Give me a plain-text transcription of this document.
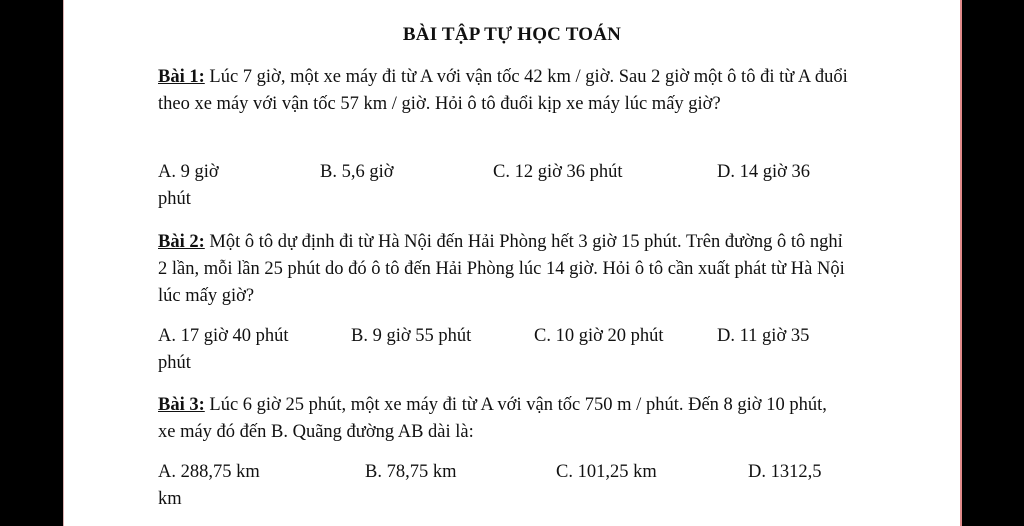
BÀI TẬP TỰ HỌC TOÁN
Bài 1: Lúc 7 giờ, một xe máy đi từ A với vận tốc 42 km / giờ. Sau 2 giờ một ô tô đi từ A đuổi theo xe máy với vận tốc 57 km / giờ. Hỏi ô tô đuổi kịp xe máy lúc mấy giờ?
A. 9 giờ	B. 5,6 giờ	C. 12 giờ 36 phút	D. 14 giờ 36
phút
Bài 2: Một ô tô dự định đi từ Hà Nội đến Hải Phòng hết 3 giờ 15 phút. Trên đường ô tô nghỉ 2 lần, mỗi lần 25 phút do đó ô tô đến Hải Phòng lúc 14 giờ. Hỏi ô tô cần xuất phát từ Hà Nội lúc mấy giờ?
A. 17 giờ 40 phút	B. 9 giờ 55 phút	C. 10 giờ 20 phút	D. 11 giờ 35
phút
Bài 3: Lúc 6 giờ 25 phút, một xe máy đi từ A với vận tốc 750 m / phút. Đến 8 giờ 10 phút, xe máy đó đến B. Quãng đường AB dài là:
A. 288,75 km	B. 78,75 km	C. 101,25 km	D. 1312,5
km
